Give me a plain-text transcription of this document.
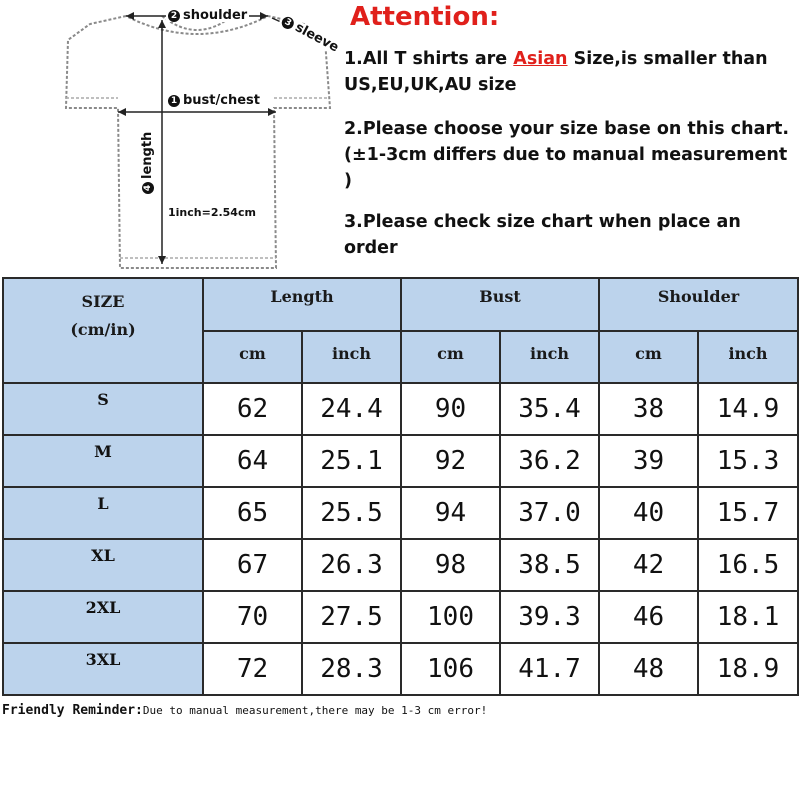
2 shoulder	3sleeve
1 bust/chest
4length
1inch=2.54cm
Attention:
1.All T shirts are Asian Size,is smaller than US,EU,UK,AU size
2.Please choose your size base on this chart.(±1-3cm differs due to manual measurement )
3.Please check size chart when place an order
SIZE
(cm/in)	Length		Bust		Shoulder	
	cm	inch	cm	inch	cm	inch
S	62	24.4	90	35.4	38	14.9
M	64	25.1	92	36.2	39	15.3
L	65	25.5	94	37.0	40	15.7
XL	67	26.3	98	38.5	42	16.5
2XL	70	27.5	100	39.3	46	18.1
3XL	72	28.3	106	41.7	48	18.9
Friendly Reminder:Due to manual measurement,there may be 1-3 cm error!
